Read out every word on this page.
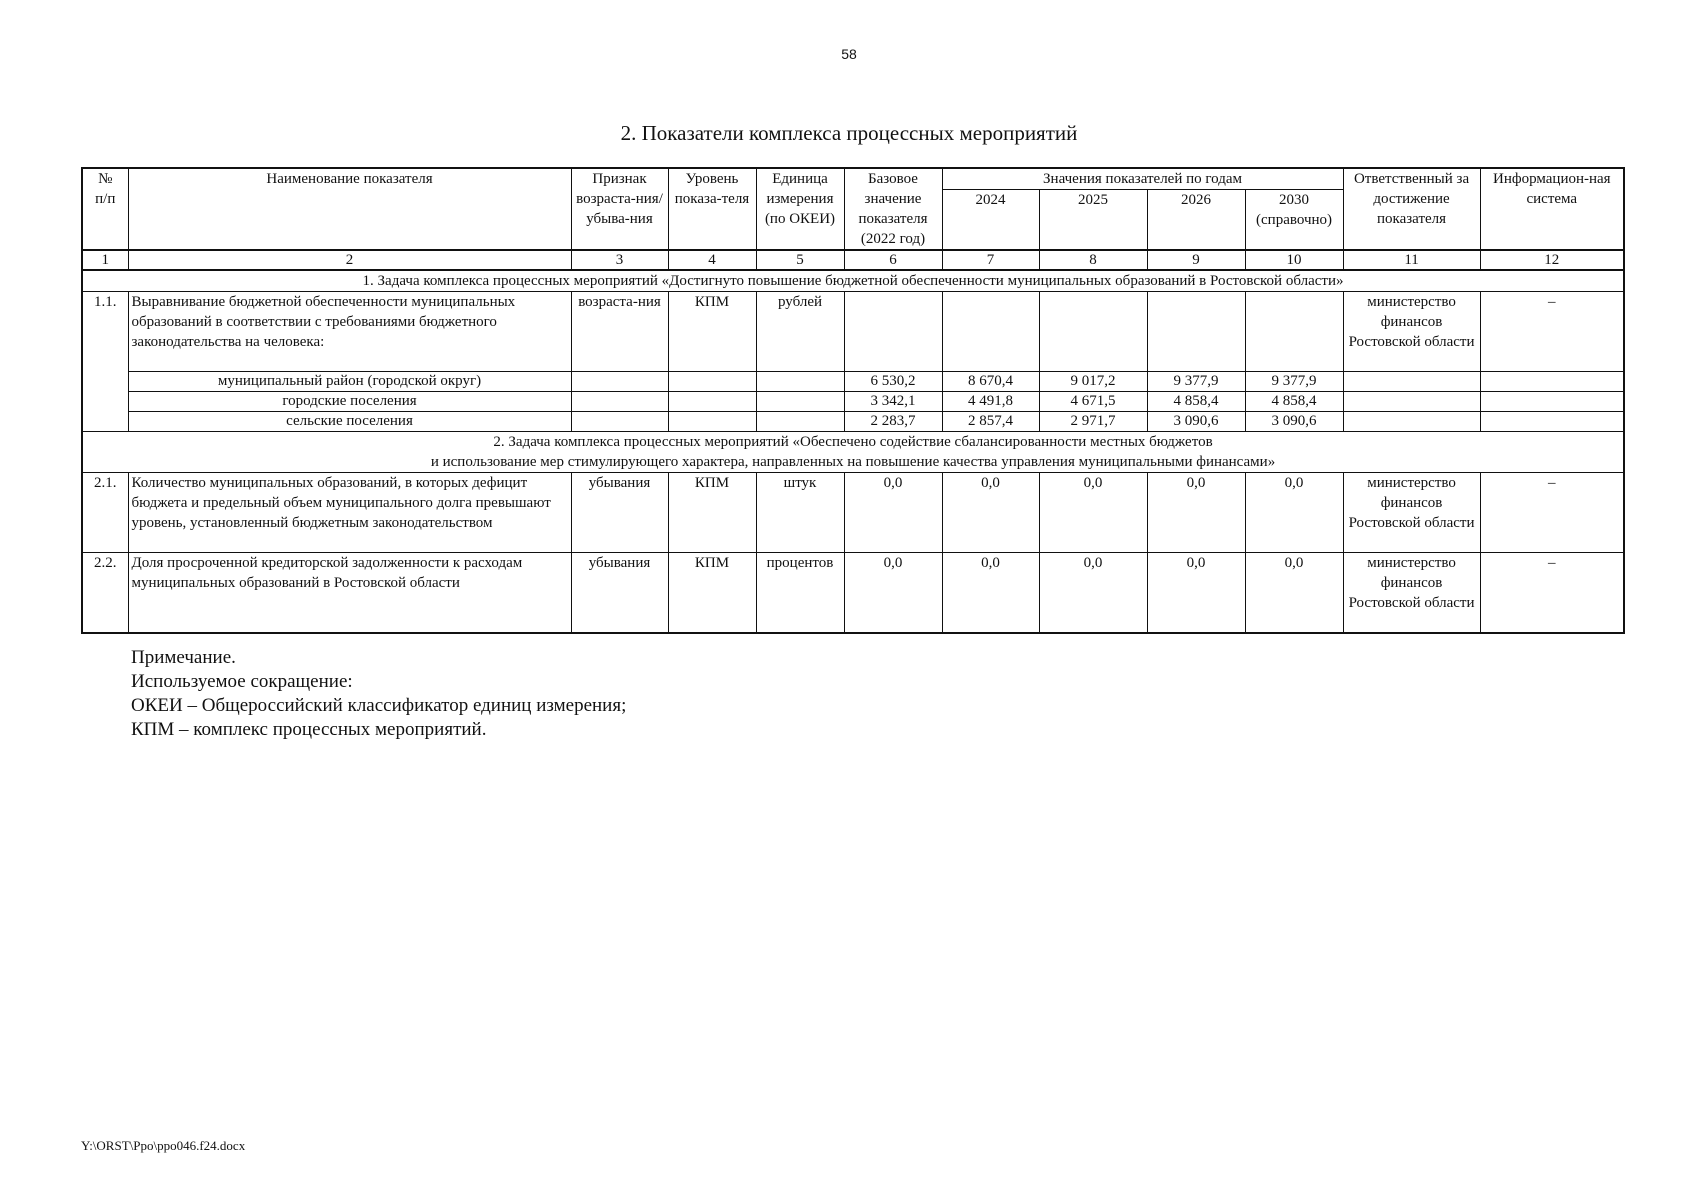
58
2. Показатели комплекса процессных мероприятий
№
п/п	Наименование показателя	Признак возраста-ния/убыва-ния	Уровень показа-теля	Единица измерения (по ОКЕИ)	Базовое значение показателя (2022 год)	Значения показателей по годам				Ответственный за достижение показателя	Информацион-ная система
						2024	2025	2026	2030 (справочно)		
1	2	3	4	5	6	7	8	9	10	11	12
1. Задача комплекса процессных мероприятий «Достигнуто повышение бюджетной обеспеченности муниципальных образований в Ростовской области»											
1.1.	Выравнивание бюджетной обеспеченности муниципальных образований в соответствии с требованиями бюджетного законодательства на человека:	возраста-ния	КПМ	рублей						министерство финансов Ростовской области	–
	муниципальный район (городской округ)				6 530,2	8 670,4	9 017,2	9 377,9	9 377,9		
	городские поселения				3 342,1	4 491,8	4 671,5	4 858,4	4 858,4		
	сельские поселения				2 283,7	2 857,4	2 971,7	3 090,6	3 090,6		

2. Задача комплекса процессных мероприятий «Обеспечено содействие сбалансированности местных бюджетов
и использование мер стимулирующего характера, направленных на повышение качества управления муниципальными финансами»											

2.1.	Количество муниципальных образований, в которых дефицит бюджета и предельный объем муниципального долга превышают уровень, установленный бюджетным законодательством	убывания	КПМ	штук	0,0	0,0	0,0	0,0	0,0	министерство финансов Ростовской области	–
2.2.	Доля просроченной кредиторской задолженности к расходам муниципальных образований в Ростовской области	убывания	КПМ	процентов	0,0	0,0	0,0	0,0	0,0	министерство финансов Ростовской области	–
Примечание.
Используемое сокращение:
ОКЕИ – Общероссийский классификатор единиц измерения;
КПМ – комплекс процессных мероприятий.
Y:\ORST\Ppo\ppo046.f24.docx
